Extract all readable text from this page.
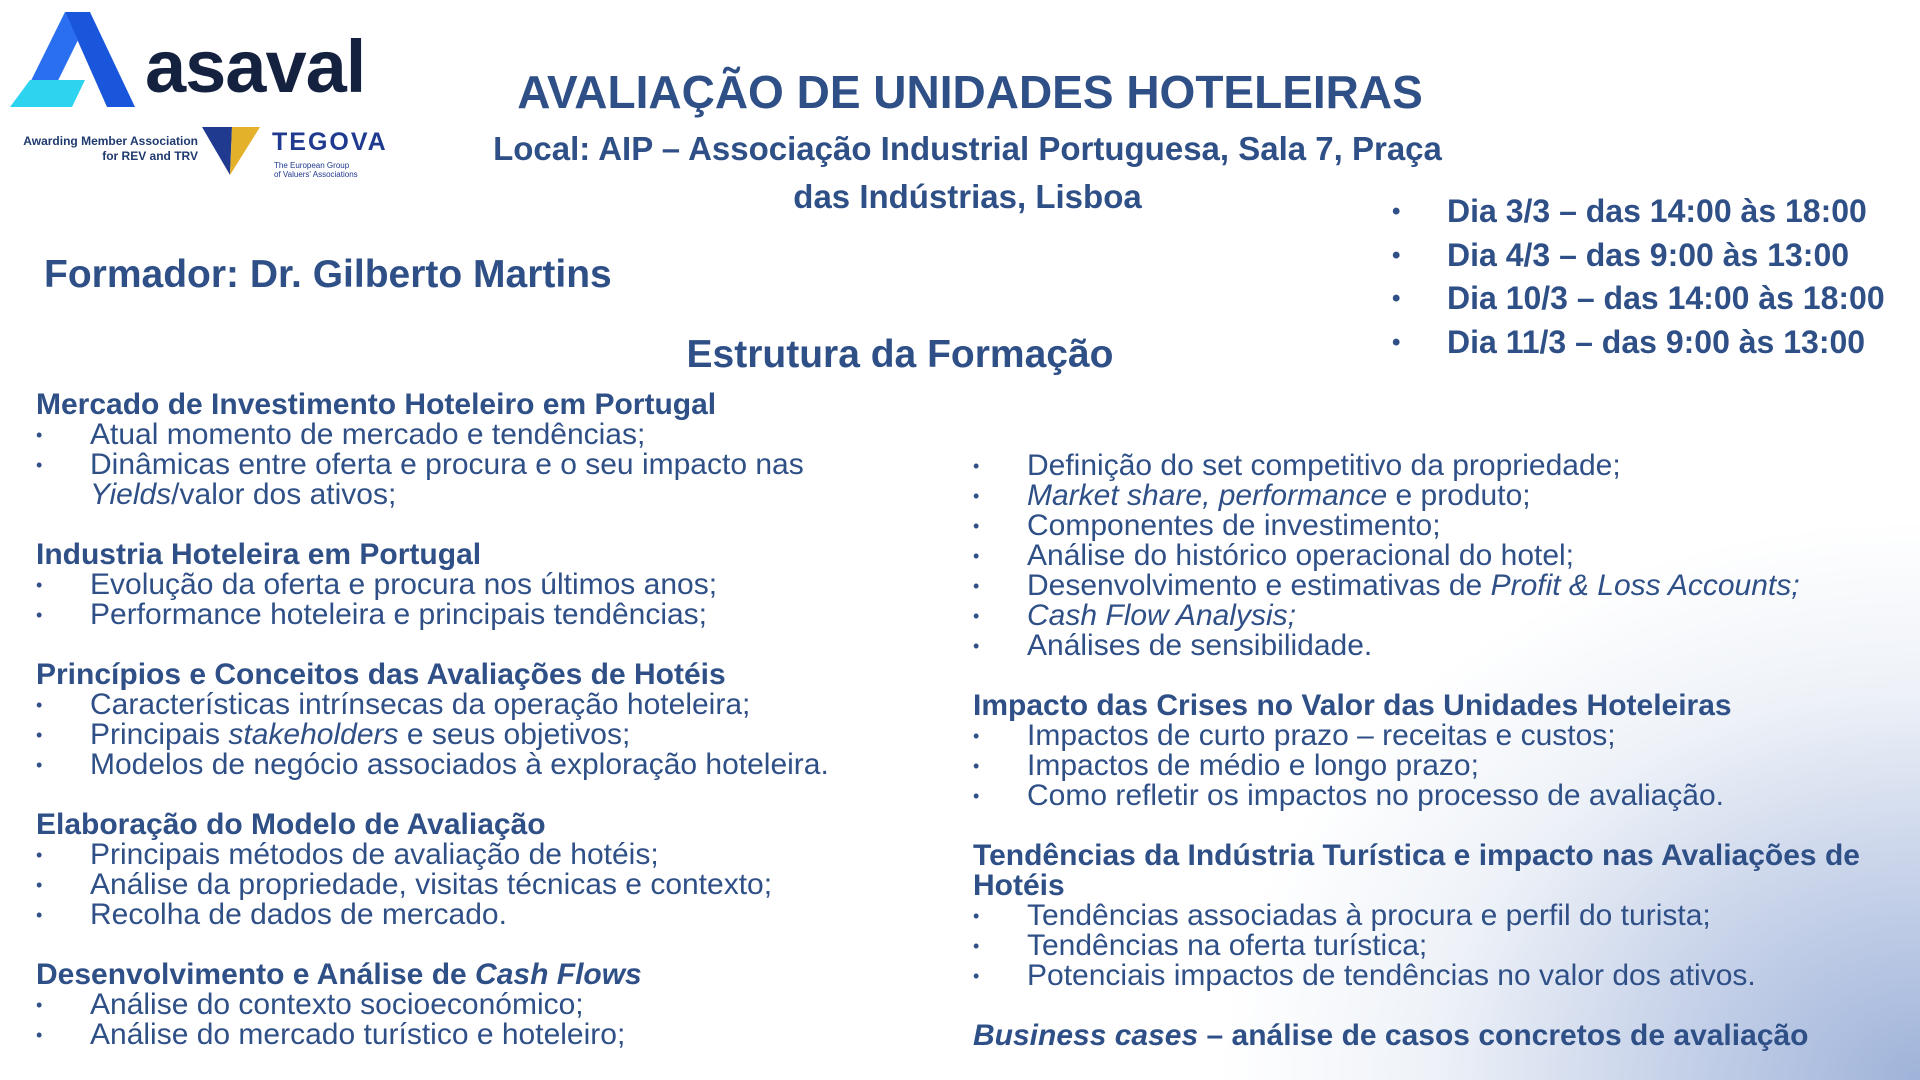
asaval
Awarding Member Association
for REV and TRV	TEGOVA
The European Group
of Valuers' Associations
AVALIAÇÃO DE UNIDADES HOTELEIRAS
Local: AIP – Associação Industrial Portuguesa, Sala 7, Praça
das Indústrias, Lisboa
•	Dia 3/3 – das 14:00 às 18:00
• Dia 4/3 – das 9:00 às 13:00
• Dia 10/3 – das 14:00 às 18:00
• Dia 11/3 – das 9:00 às 13:00
Formador: Dr. Gilberto Martins
Estrutura da Formação
Mercado de Investimento Hoteleiro em Portugal
• Atual momento de mercado e tendências;
• Dinâmicas entre oferta e procura e o seu impacto nas Yields/valor dos ativos;
Industria Hoteleira em Portugal
• Evolução da oferta e procura nos últimos anos;
• Performance hoteleira e principais tendências;
Princípios e Conceitos das Avaliações de Hotéis
• Características intrínsecas da operação hoteleira;
• Principais stakeholders e seus objetivos;
• Modelos de negócio associados à exploração hoteleira.
Elaboração do Modelo de Avaliação
• Principais métodos de avaliação de hotéis;
• Análise da propriedade, visitas técnicas e contexto;
• Recolha de dados de mercado.
Desenvolvimento e Análise de Cash Flows
• Análise do contexto socioeconómico;
• Análise do mercado turístico e hoteleiro;
• Definição do set competitivo da propriedade;
• Market share, performance e produto;
• Componentes de investimento;
• Análise do histórico operacional do hotel;
• Desenvolvimento e estimativas de Profit & Loss Accounts;
• Cash Flow Analysis;
• Análises de sensibilidade.
Impacto das Crises no Valor das Unidades Hoteleiras
• Impactos de curto prazo – receitas e custos;
• Impactos de médio e longo prazo;
• Como refletir os impactos no processo de avaliação.
Tendências da Indústria Turística e impacto nas Avaliações de Hotéis
• Tendências associadas à procura e perfil do turista;
• Tendências na oferta turística;
• Potenciais impactos de tendências no valor dos ativos.
Business cases – análise de casos concretos de avaliação
